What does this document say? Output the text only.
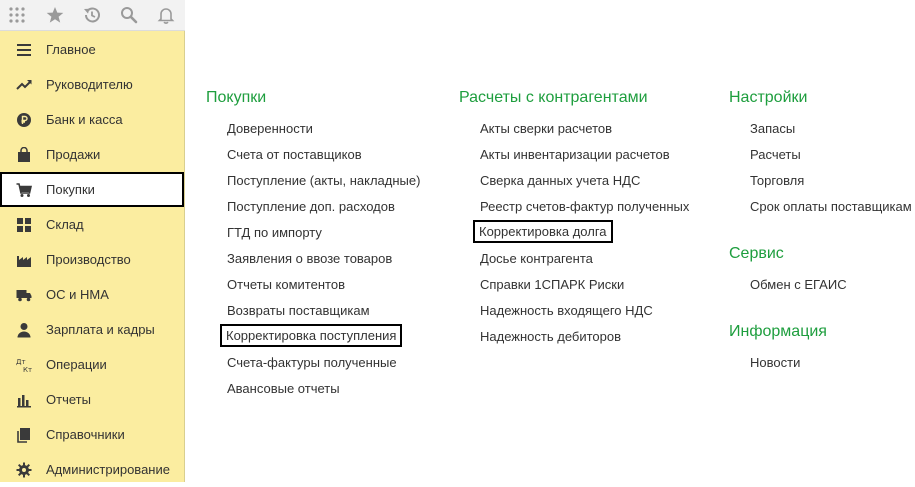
Главное
Руководителю
Банк и касса
Продажи
Покупки
Склад
Производство
ОС и НМА
Зарплата и кадры
Дт
Кт Операции
Отчеты
Справочники
Администрирование
Покупки
Доверенности
Счета от поставщиков
Поступление (акты, накладные)
Поступление доп. расходов
ГТД по импорту
Заявления о ввозе товаров
Отчеты комитентов
Возвраты поставщикам
Корректировка поступления
Счета-фактуры полученные
Авансовые отчеты
Расчеты с контрагентами
Акты сверки расчетов
Акты инвентаризации расчетов
Сверка данных учета НДС
Реестр счетов-фактур полученных
Корректировка долга
Досье контрагента
Справки 1СПАРК Риски
Надежность входящего НДС
Надежность дебиторов
Настройки
Запасы
Расчеты
Торговля
Срок оплаты поставщикам
Сервис
Обмен с ЕГАИС
Информация
Новости
